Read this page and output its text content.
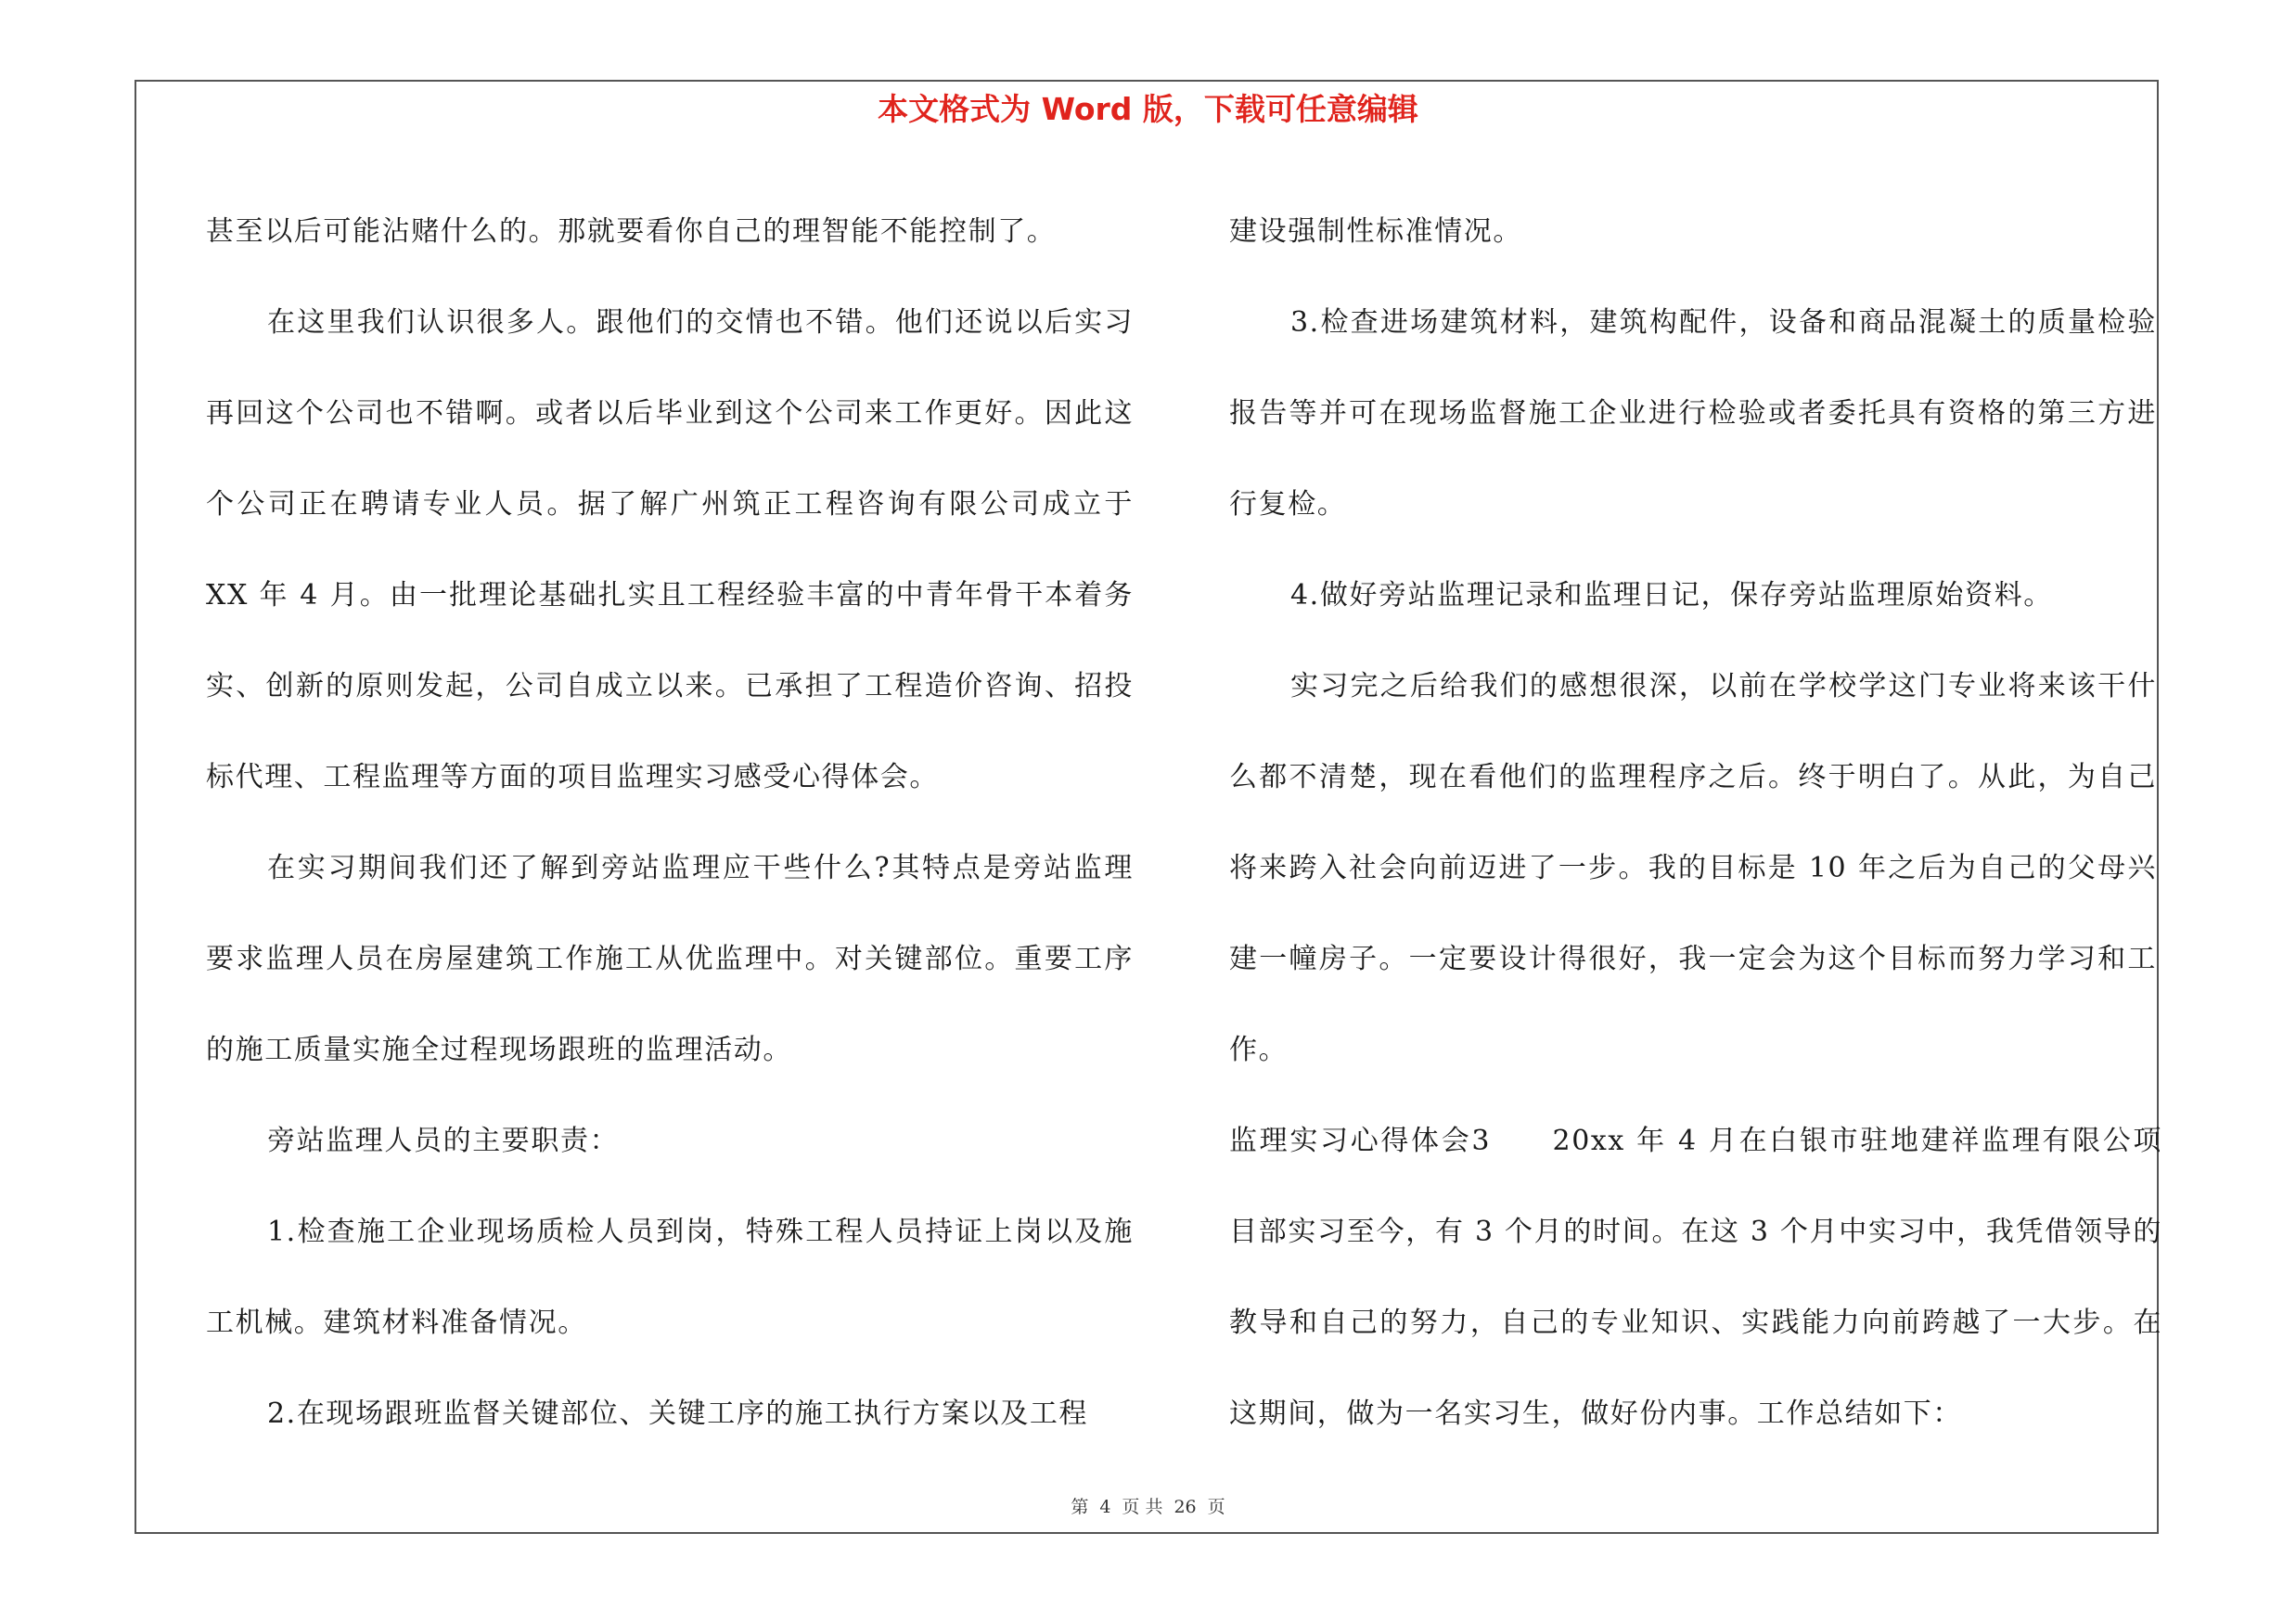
本文格式为 Word 版，下载可任意编辑

甚至以后可能沾赌什么的。那就要看你自己的理智能不能控制了。

在这里我们认识很多人。跟他们的交情也不错。他们还说以后实习再回这个公司也不错啊。或者以后毕业到这个公司来工作更好。因此这个公司正在聘请专业人员。据了解广州筑正工程咨询有限公司成立于 XX 年 4 月。由一批理论基础扎实且工程经验丰富的中青年骨干本着务实、创新的原则发起，公司自成立以来。已承担了工程造价咨询、招投标代理、工程监理等方面的项目监理实习感受心得体会。

在实习期间我们还了解到旁站监理应干些什么?其特点是旁站监理要求监理人员在房屋建筑工作施工从优监理中。对关键部位。重要工序的施工质量实施全过程现场跟班的监理活动。

旁站监理人员的主要职责：

1.检查施工企业现场质检人员到岗，特殊工程人员持证上岗以及施工机械。建筑材料准备情况。

2.在现场跟班监督关键部位、关键工序的施工执行方案以及工程

建设强制性标准情况。

3.检查进场建筑材料，建筑构配件，设备和商品混凝土的质量检验报告等并可在现场监督施工企业进行检验或者委托具有资格的第三方进行复检。

4.做好旁站监理记录和监理日记，保存旁站监理原始资料。

实习完之后给我们的感想很深，以前在学校学这门专业将来该干什么都不清楚，现在看他们的监理程序之后。终于明白了。从此，为自己将来跨入社会向前迈进了一步。我的目标是 10 年之后为自己的父母兴建一幢房子。一定要设计得很好，我一定会为这个目标而努力学习和工作。

监理实习心得体会3　　20xx 年 4 月在白银市驻地建祥监理有限公项目部实习至今，有 3 个月的时间。在这 3 个月中实习中，我凭借领导的教导和自己的努力，自己的专业知识、实践能力向前跨越了一大步。在这期间，做为一名实习生，做好份内事。工作总结如下：

第 4 页 共 26 页
